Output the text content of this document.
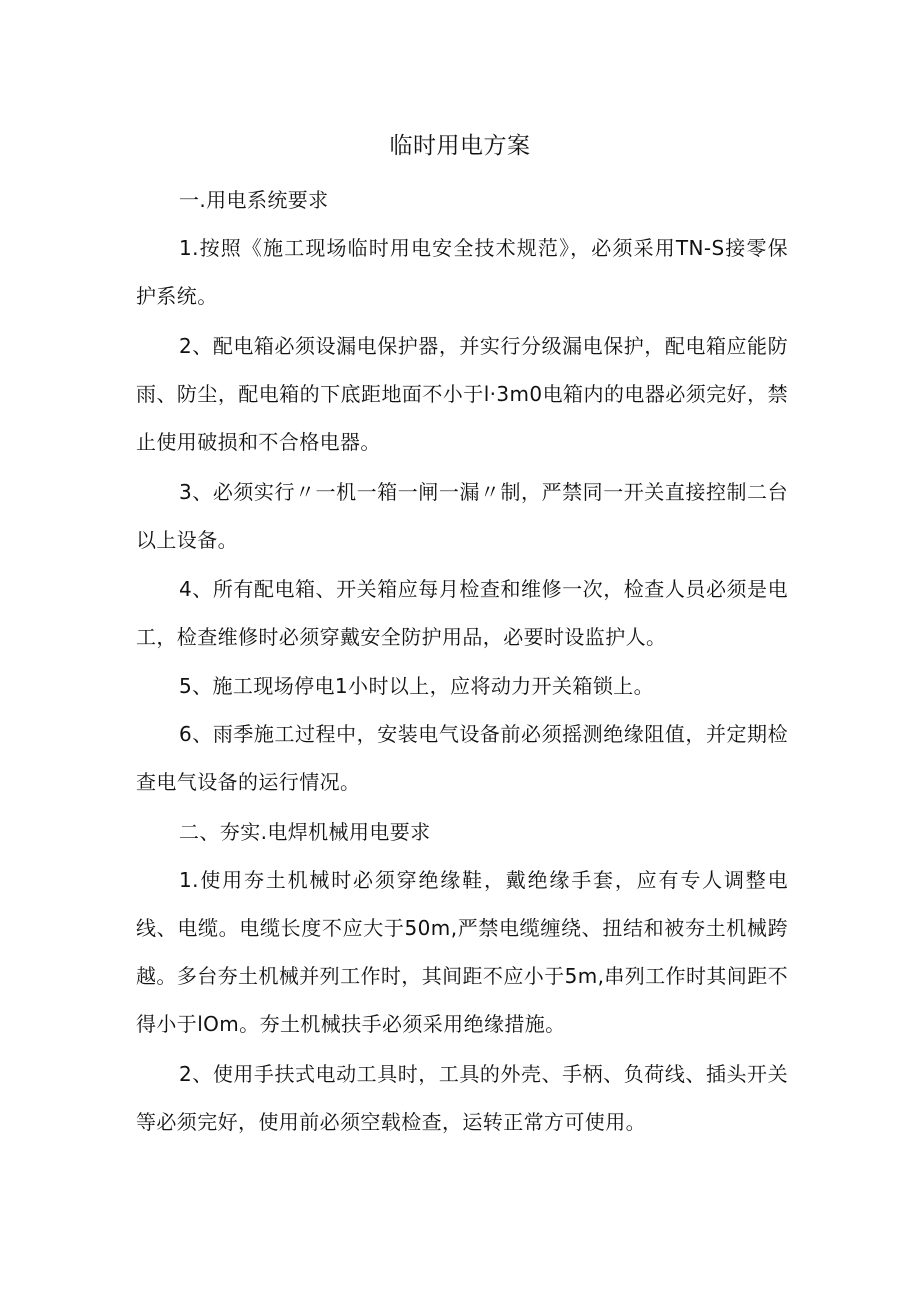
临时用电方案

一.用电系统要求

1.按照《施工现场临时用电安全技术规范》，必须采用TN-S接零保护系统。

2、配电箱必须设漏电保护器，并实行分级漏电保护，配电箱应能防雨、防尘，配电箱的下底距地面不小于l·3m0电箱内的电器必须完好，禁止使用破损和不合格电器。

3、必须实行〃一机一箱一闸一漏〃制，严禁同一开关直接控制二台以上设备。

4、所有配电箱、开关箱应每月检查和维修一次，检查人员必须是电工，检查维修时必须穿戴安全防护用品，必要时设监护人。

5、施工现场停电1小时以上，应将动力开关箱锁上。

6、雨季施工过程中，安装电气设备前必须摇测绝缘阻值，并定期检查电气设备的运行情况。

二、夯实.电焊机械用电要求

1.使用夯土机械时必须穿绝缘鞋，戴绝缘手套，应有专人调整电线、电缆。电缆长度不应大于50m,严禁电缆缠绕、扭结和被夯土机械跨越。多台夯土机械并列工作时，其间距不应小于5m,串列工作时其间距不得小于lOm。夯土机械扶手必须采用绝缘措施。

2、使用手扶式电动工具时，工具的外壳、手柄、负荷线、插头开关等必须完好，使用前必须空载检查，运转正常方可使用。
